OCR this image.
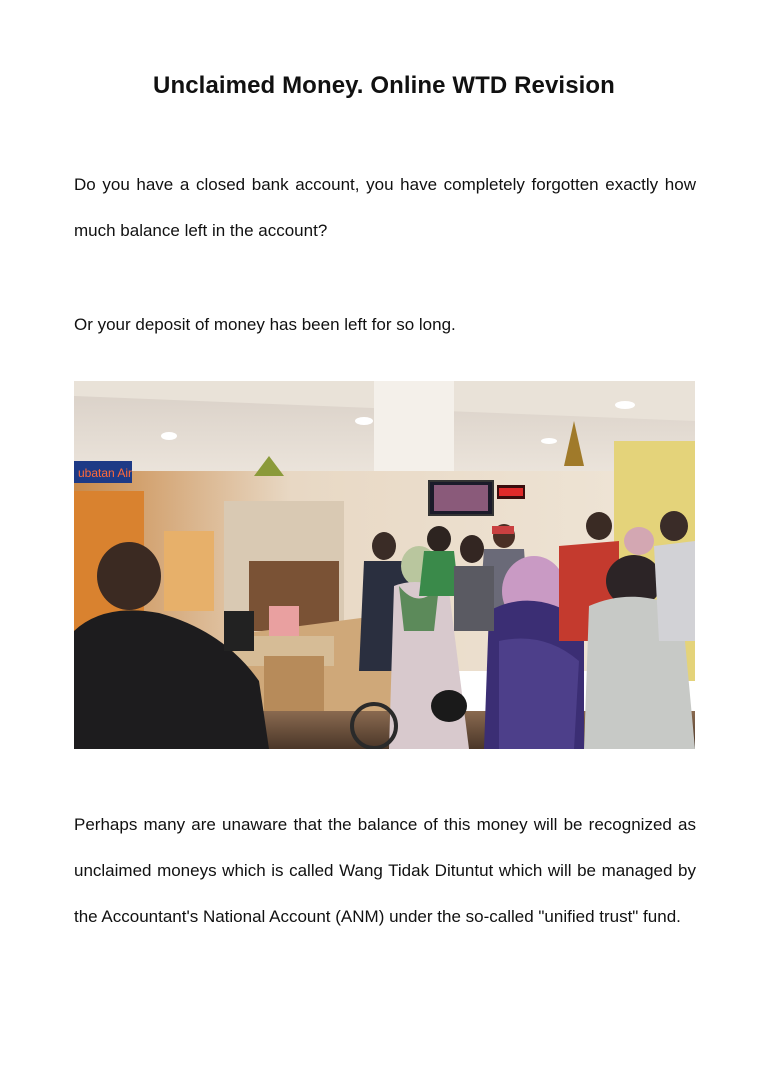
Unclaimed Money. Online WTD Revision
Do you have a closed bank account, you have completely forgotten exactly how much balance left in the account?
Or your deposit of money has been left for so long.
ubatan Air
Perhaps many are unaware that the balance of this money will be recognized as unclaimed moneys which is called Wang Tidak Dituntut which will be managed by the Accountant's National Account (ANM) under the so-called "unified trust" fund.
